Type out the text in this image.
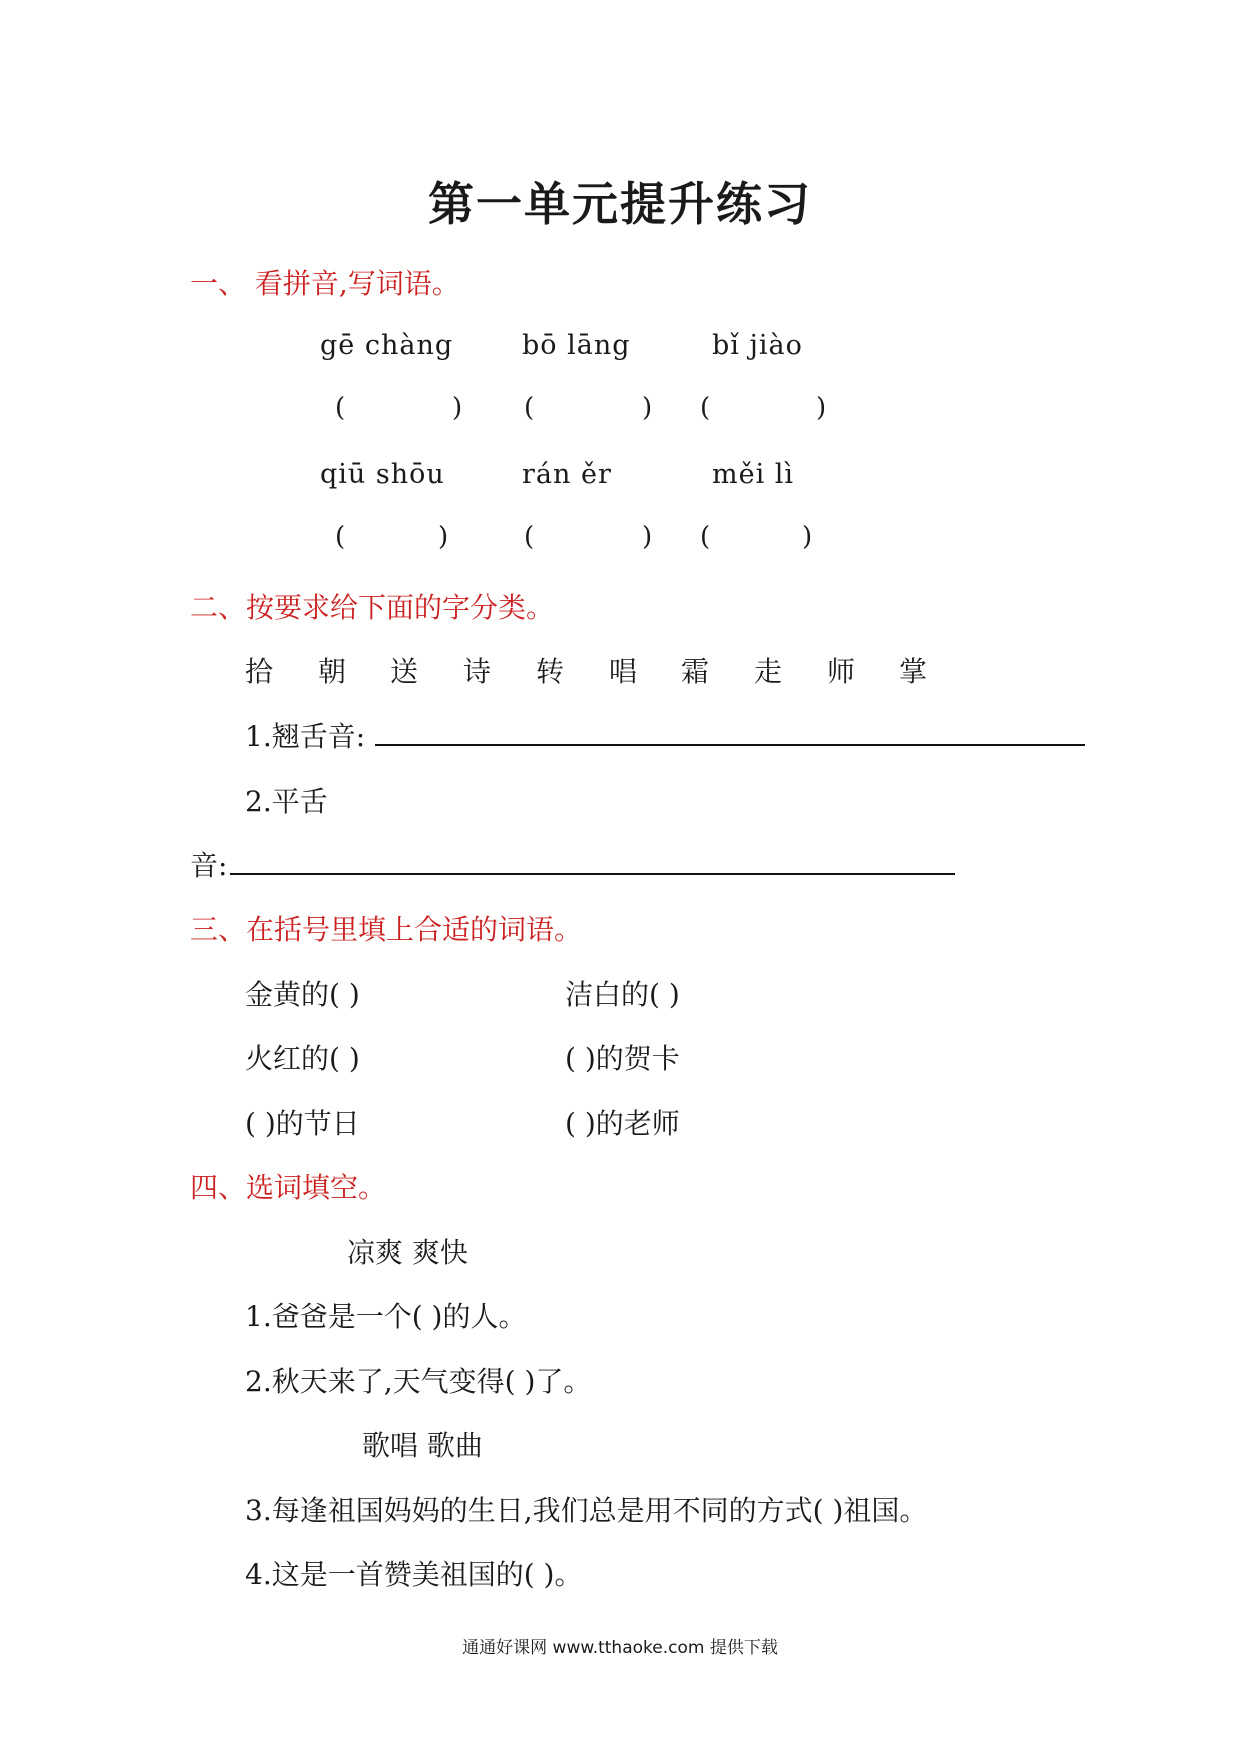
第一单元提升练习
一、 看拼音,写词语。
gē chàng	bō lāng	bǐ jiào
(	) (	) (	)
qiū shōu	rán ěr	měi lì
(	)	(	) (	)
二、按要求给下面的字分类。
拾 朝 送 诗 转 唱 霜 走 师 掌
1.翘舌音:
2.平舌
音:
三、在括号里填上合适的词语。
金黄的( )	洁白的( )
火红的( )	( )的贺卡
( )的节日	( )的老师
四、选词填空。
凉爽 爽快
1.爸爸是一个( )的人。
2.秋天来了,天气变得( )了。
歌唱 歌曲
3.每逢祖国妈妈的生日,我们总是用不同的方式( )祖国。
4.这是一首赞美祖国的( )。
通通好课网 www.tthaoke.com 提供下载
